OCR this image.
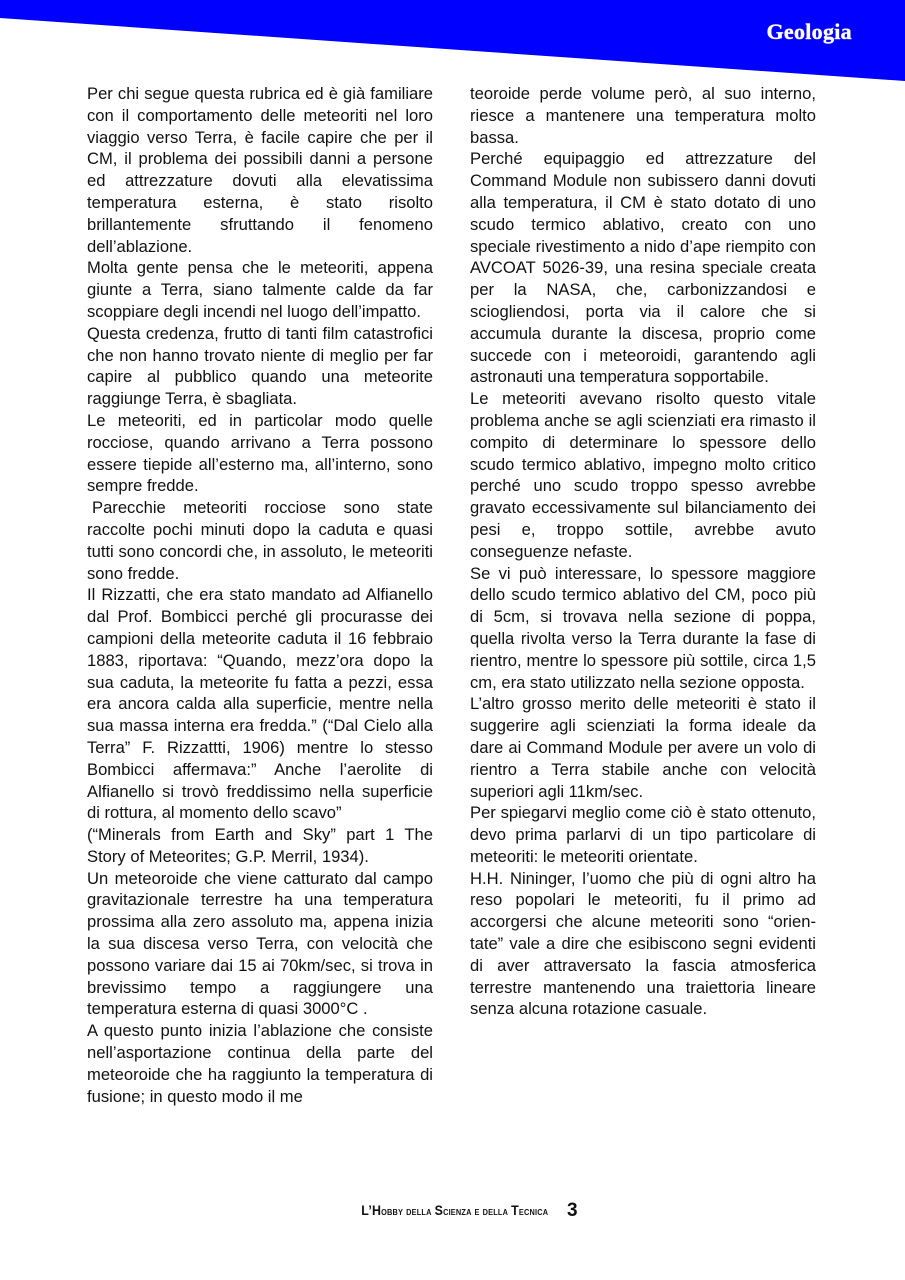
Geologia

Per chi segue questa rubrica ed è già familiare con il comportamento delle meteoriti nel loro viaggio verso Terra, è facile capire che per il CM, il problema dei possibili danni a persone ed attrezzature dovuti alla elevatissima temperatura esterna, è stato risolto brillantemente sfruttando il fenomeno dell’ablazione.

Molta gente pensa che le meteoriti, appena giunte a Terra, siano talmente calde da far scoppiare degli incendi nel luogo dell’impatto.

Questa credenza, frutto di tanti film catastrofici che non hanno trovato niente di meglio per far capire al pubblico quando una meteorite raggiunge Terra, è sbagliata.

Le meteoriti, ed in particolar modo quelle rocciose, quando arrivano a Terra possono essere tiepide all’esterno ma, all’interno, sono sempre fredde.

Parecchie meteoriti rocciose sono state raccolte pochi minuti dopo la caduta e quasi tutti sono concordi che, in assoluto, le meteoriti sono fredde.

Il Rizzatti, che era stato mandato ad Alfianello dal Prof. Bombicci perché gli procurasse dei campioni della meteorite caduta il 16 febbraio 1883, riportava: “Quando, mezz’ora dopo la sua caduta, la meteorite fu fatta a pezzi, essa era ancora calda alla superficie, mentre nella sua massa interna era fredda.” (“Dal Cielo alla Terra” F. Rizzattti, 1906) mentre lo stesso Bombicci affermava:” Anche l’aerolite di Alfianello si trovò freddissimo nella superficie di rottura, al momento dello scavo”

(“Minerals from Earth and Sky” part 1 The Story of Meteorites; G.P. Merril, 1934).

Un meteoroide che viene catturato dal campo gravitazionale terrestre ha una temperatura prossima alla zero assoluto ma, appena inizia la sua discesa verso Terra, con velocità che possono variare dai 15 ai 70km/sec, si trova in brevissimo tempo a raggiungere una temperatura esterna di quasi 3000°C .

A questo punto inizia l’ablazione che consiste nell’asportazione continua della parte del meteoroide che ha raggiunto la temperatura di fusione; in questo modo il me

teoroide perde volume però, al suo interno, riesce a mantenere una temperatura molto bassa.

Perché equipaggio ed attrezzature del Command Module non subissero danni dovuti alla temperatura, il CM è stato dotato di uno scudo termico ablativo, creato con uno speciale rivestimento a nido d’ape riempito con AVCOAT 5026-39, una resina speciale creata per la NASA, che, carbonizzandosi e sciogliendosi, porta via il calore che si accumula durante la discesa, proprio come succede con i meteoroidi, garantendo agli astronauti una temperatura sopportabile.

Le meteoriti avevano risolto questo vitale problema anche se agli scienziati era rimasto il compito di determinare lo spessore dello scudo termico ablativo, impegno molto critico perché uno scudo troppo spesso avrebbe gravato eccessivamente sul bilanciamento dei pesi e, troppo sottile, avrebbe avuto conseguenze nefaste.

Se vi può interessare, lo spessore maggiore dello scudo termico ablativo del CM, poco più di 5cm, si trovava nella sezione di poppa, quella rivolta verso la Terra durante la fase di rientro, mentre lo spessore più sottile, circa 1,5 cm, era stato utilizzato nella sezione opposta.

L’altro grosso merito delle meteoriti è stato il suggerire agli scienziati la forma ideale da dare ai Command Module per avere un volo di rientro a Terra stabile anche con velocità superiori agli 11km/sec.

Per spiegarvi meglio come ciò è stato ottenuto, devo prima parlarvi di un tipo particolare di meteoriti: le meteoriti orientate.

H.H. Nininger, l’uomo che più di ogni altro ha reso popolari le meteoriti, fu il primo ad accorgersi che alcune meteoriti sono “orientate” vale a dire che esibiscono segni evidenti di aver attraversato la fascia atmosferica terrestre mantenendo una traiettoria lineare senza alcuna rotazione casuale.

L’Hobby della Scienza e della Tecnica 3
